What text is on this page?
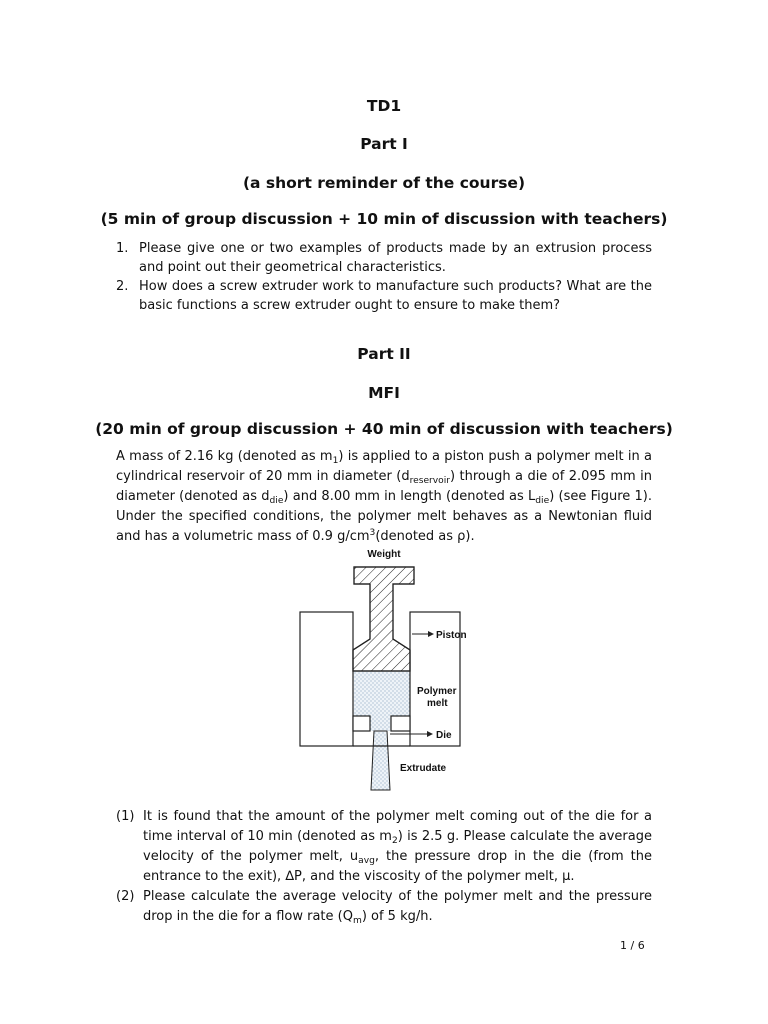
TD1
Part I
(a short reminder of the course)
(5 min of group discussion + 10 min of discussion with teachers)
1. Please give one or two examples of products made by an extrusion process and point out their geometrical characteristics.
2. How does a screw extruder work to manufacture such products? What are the basic functions a screw extruder ought to ensure to make them?
Part II
MFI
(20 min of group discussion + 40 min of discussion with teachers)

A mass of 2.16 kg (denoted as $m_1$) is applied to a piston push a polymer melt in a cylindrical reservoir of 20 mm in diameter $(d_{reservoir})$ through a die of 2.095 mm in diameter (denoted as $d_{die}$) and 8.00 mm in length (denoted as $L_{die}$) (see Figure 1). Under the specified conditions, the polymer melt behaves as a Newtonian fluid and has a volumetric mass of 0.9 $g/cm^3(denoted$ as ρ).

Weight
Piston
Polymer
melt
Die
Extrudate
(1) It is found that the amount of the polymer melt coming out of the die for a time interval of 10 min (denoted as $m_2$) is 2.5 g. Please calculate the average velocity of the polymer melt, $u_{avg}$, the pressure drop in the die (from the entrance to the exit), ∆P, and the viscosity of the polymer melt, µ.
(2) Please calculate the average velocity of the polymer melt and the pressure drop in the die for a flow rate $(Q_m)$ of 5 kg/h.

1 / 6
